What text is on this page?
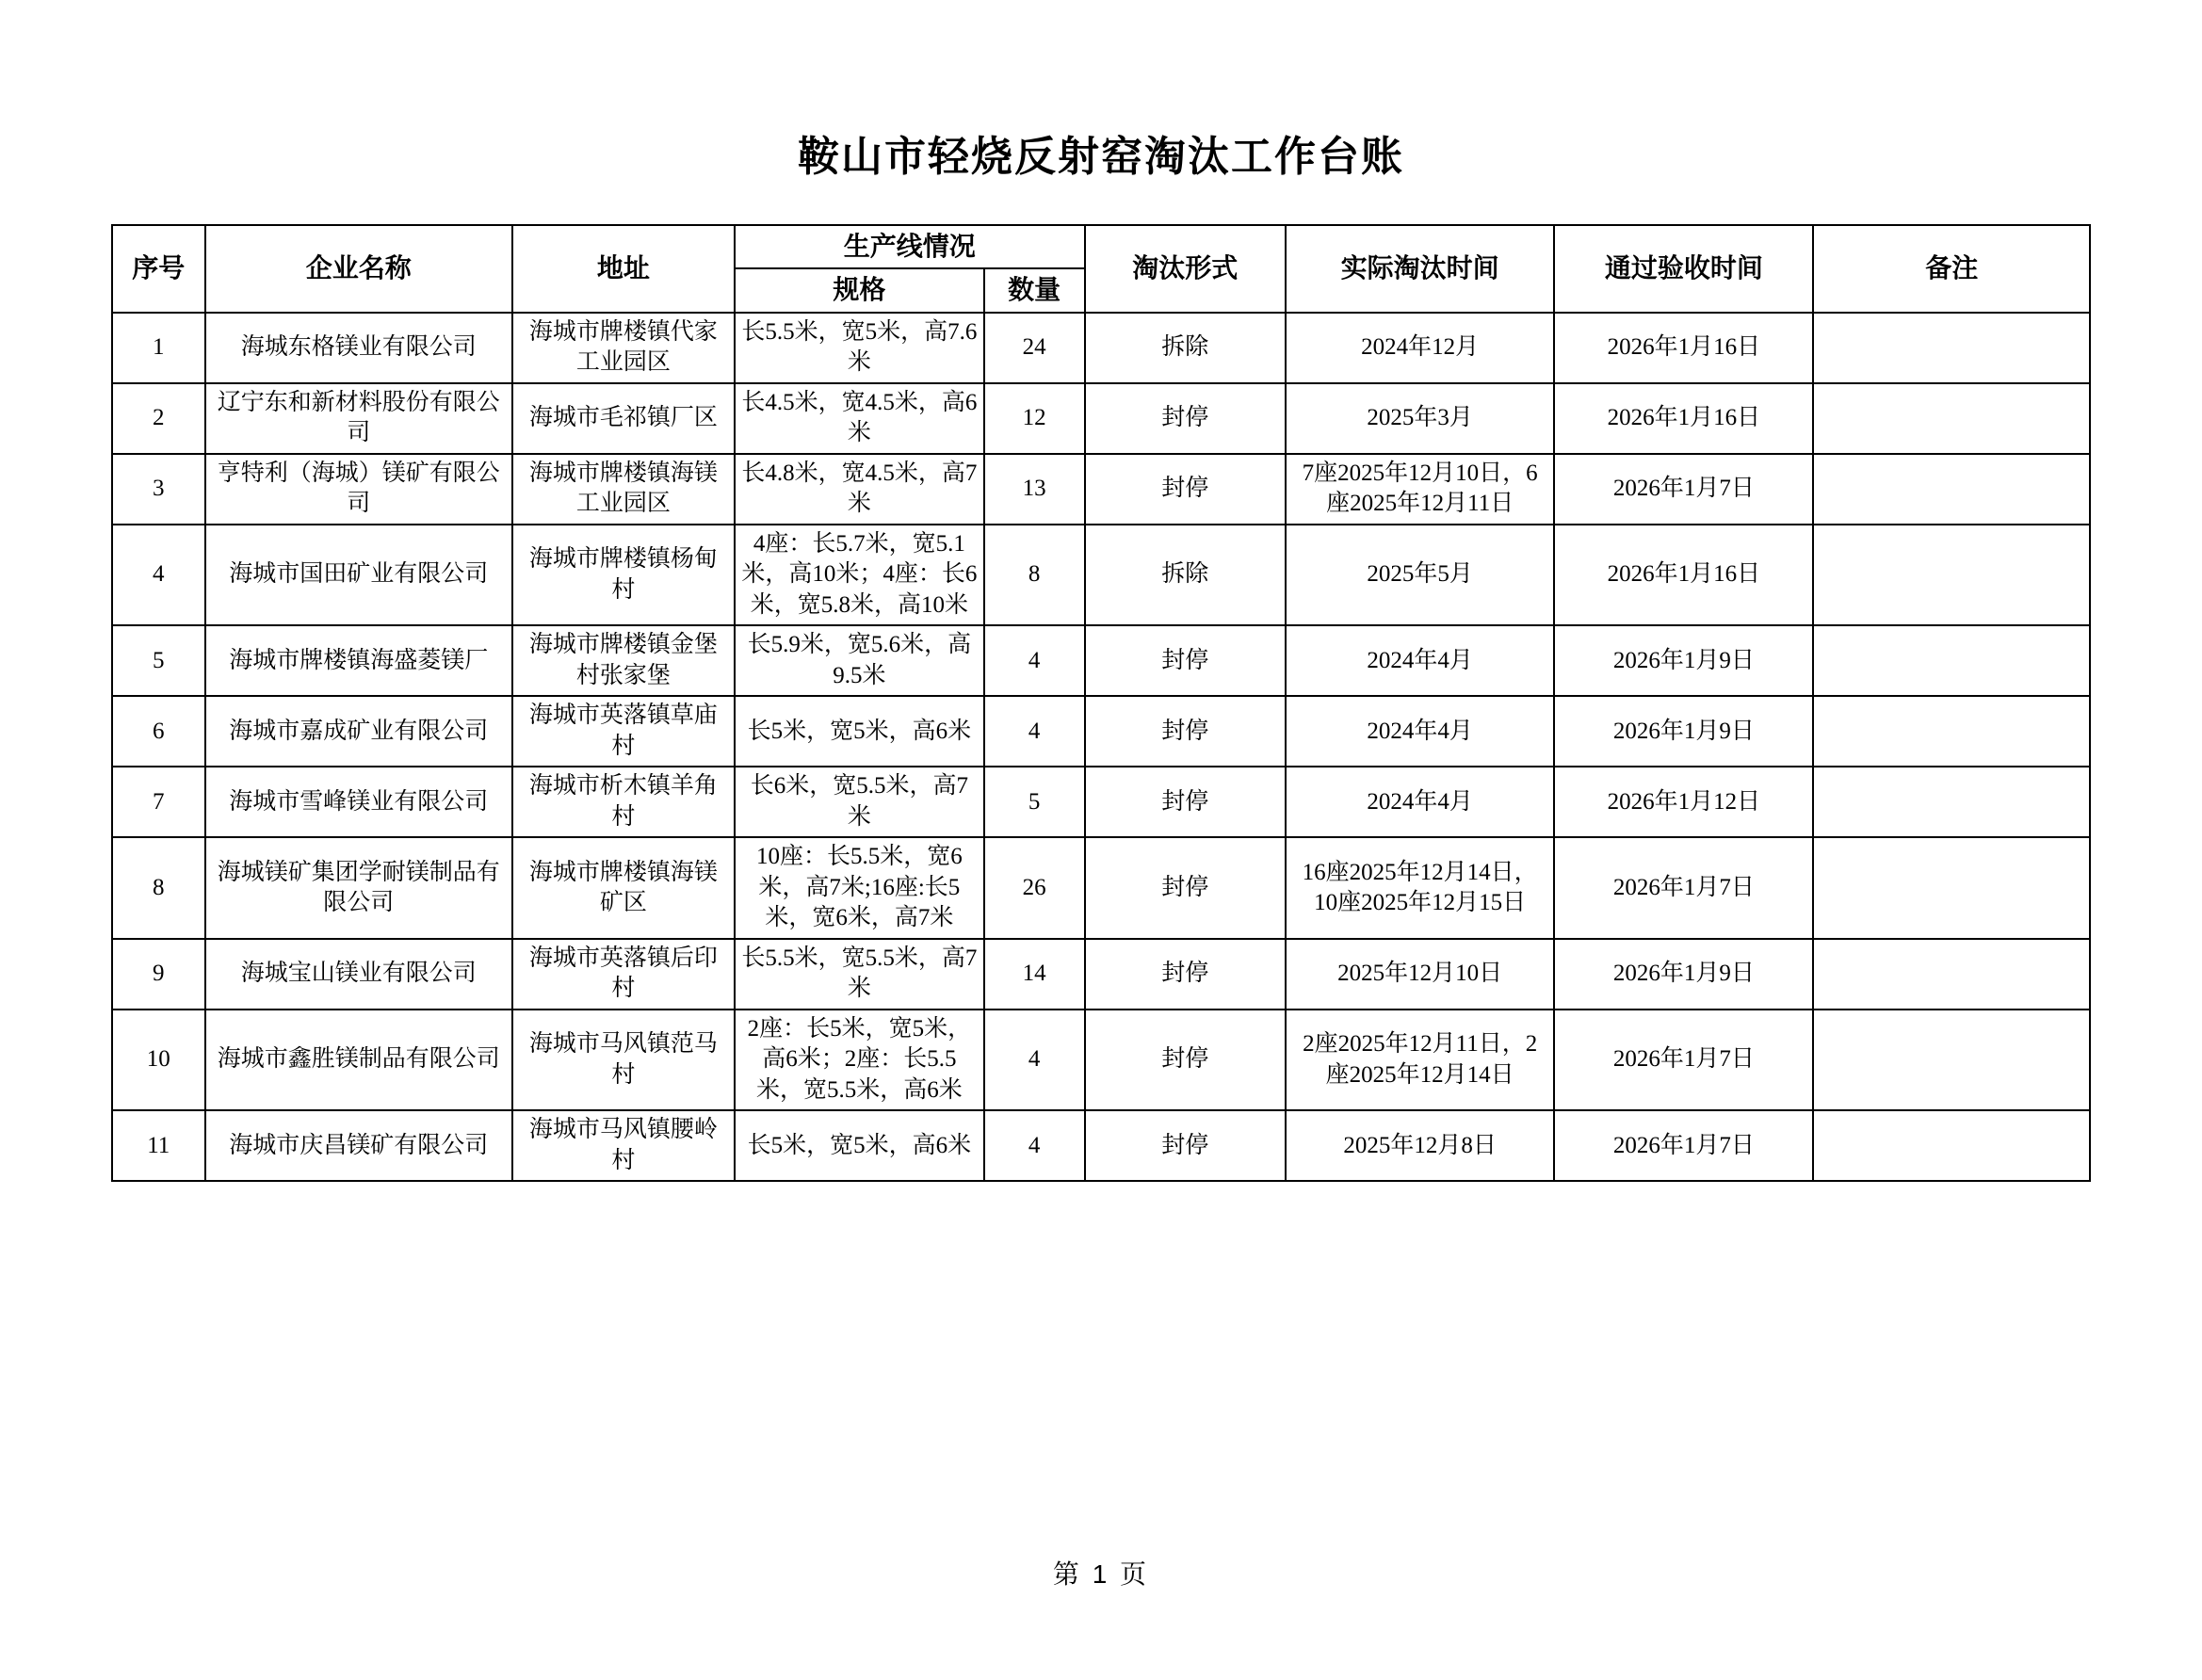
鞍山市轻烧反射窑淘汰工作台账
序号	企业名称	地址	生产线情况		淘汰形式	实际淘汰时间	通过验收时间	备注
			规格	数量				
1	海城东格镁业有限公司	海城市牌楼镇代家工业园区	长5.5米，宽5米，高7.6米	24	拆除	2024年12月	2026年1月16日	
2	辽宁东和新材料股份有限公司	海城市毛祁镇厂区	长4.5米，宽4.5米，高6米	12	封停	2025年3月	2026年1月16日	
3	亨特利（海城）镁矿有限公司	海城市牌楼镇海镁工业园区	长4.8米，宽4.5米，高7米	13	封停	7座2025年12月10日，6座2025年12月11日	2026年1月7日	
4	海城市国田矿业有限公司	海城市牌楼镇杨甸村	4座：长5.7米，宽5.1米，高10米；4座：长6米，宽5.8米，高10米	8	拆除	2025年5月	2026年1月16日	
5	海城市牌楼镇海盛菱镁厂	海城市牌楼镇金堡村张家堡	长5.9米，宽5.6米，高9.5米	4	封停	2024年4月	2026年1月9日	
6	海城市嘉成矿业有限公司	海城市英落镇草庙村	长5米，宽5米，高6米	4	封停	2024年4月	2026年1月9日	
7	海城市雪峰镁业有限公司	海城市析木镇羊角村	长6米，宽5.5米，高7米	5	封停	2024年4月	2026年1月12日	
8	海城镁矿集团学耐镁制品有限公司	海城市牌楼镇海镁矿区	10座：长5.5米，宽6米，高7米;16座:长5米，宽6米，高7米	26	封停	16座2025年12月14日，10座2025年12月15日	2026年1月7日	
9	海城宝山镁业有限公司	海城市英落镇后印村	长5.5米，宽5.5米，高7米	14	封停	2025年12月10日	2026年1月9日	
10	海城市鑫胜镁制品有限公司	海城市马风镇范马村	2座：长5米，宽5米，高6米；2座：长5.5米，宽5.5米，高6米	4	封停	2座2025年12月11日，2座2025年12月14日	2026年1月7日	
11	海城市庆昌镁矿有限公司	海城市马风镇腰岭村	长5米，宽5米，高6米	4	封停	2025年12月8日	2026年1月7日	
第 1 页
